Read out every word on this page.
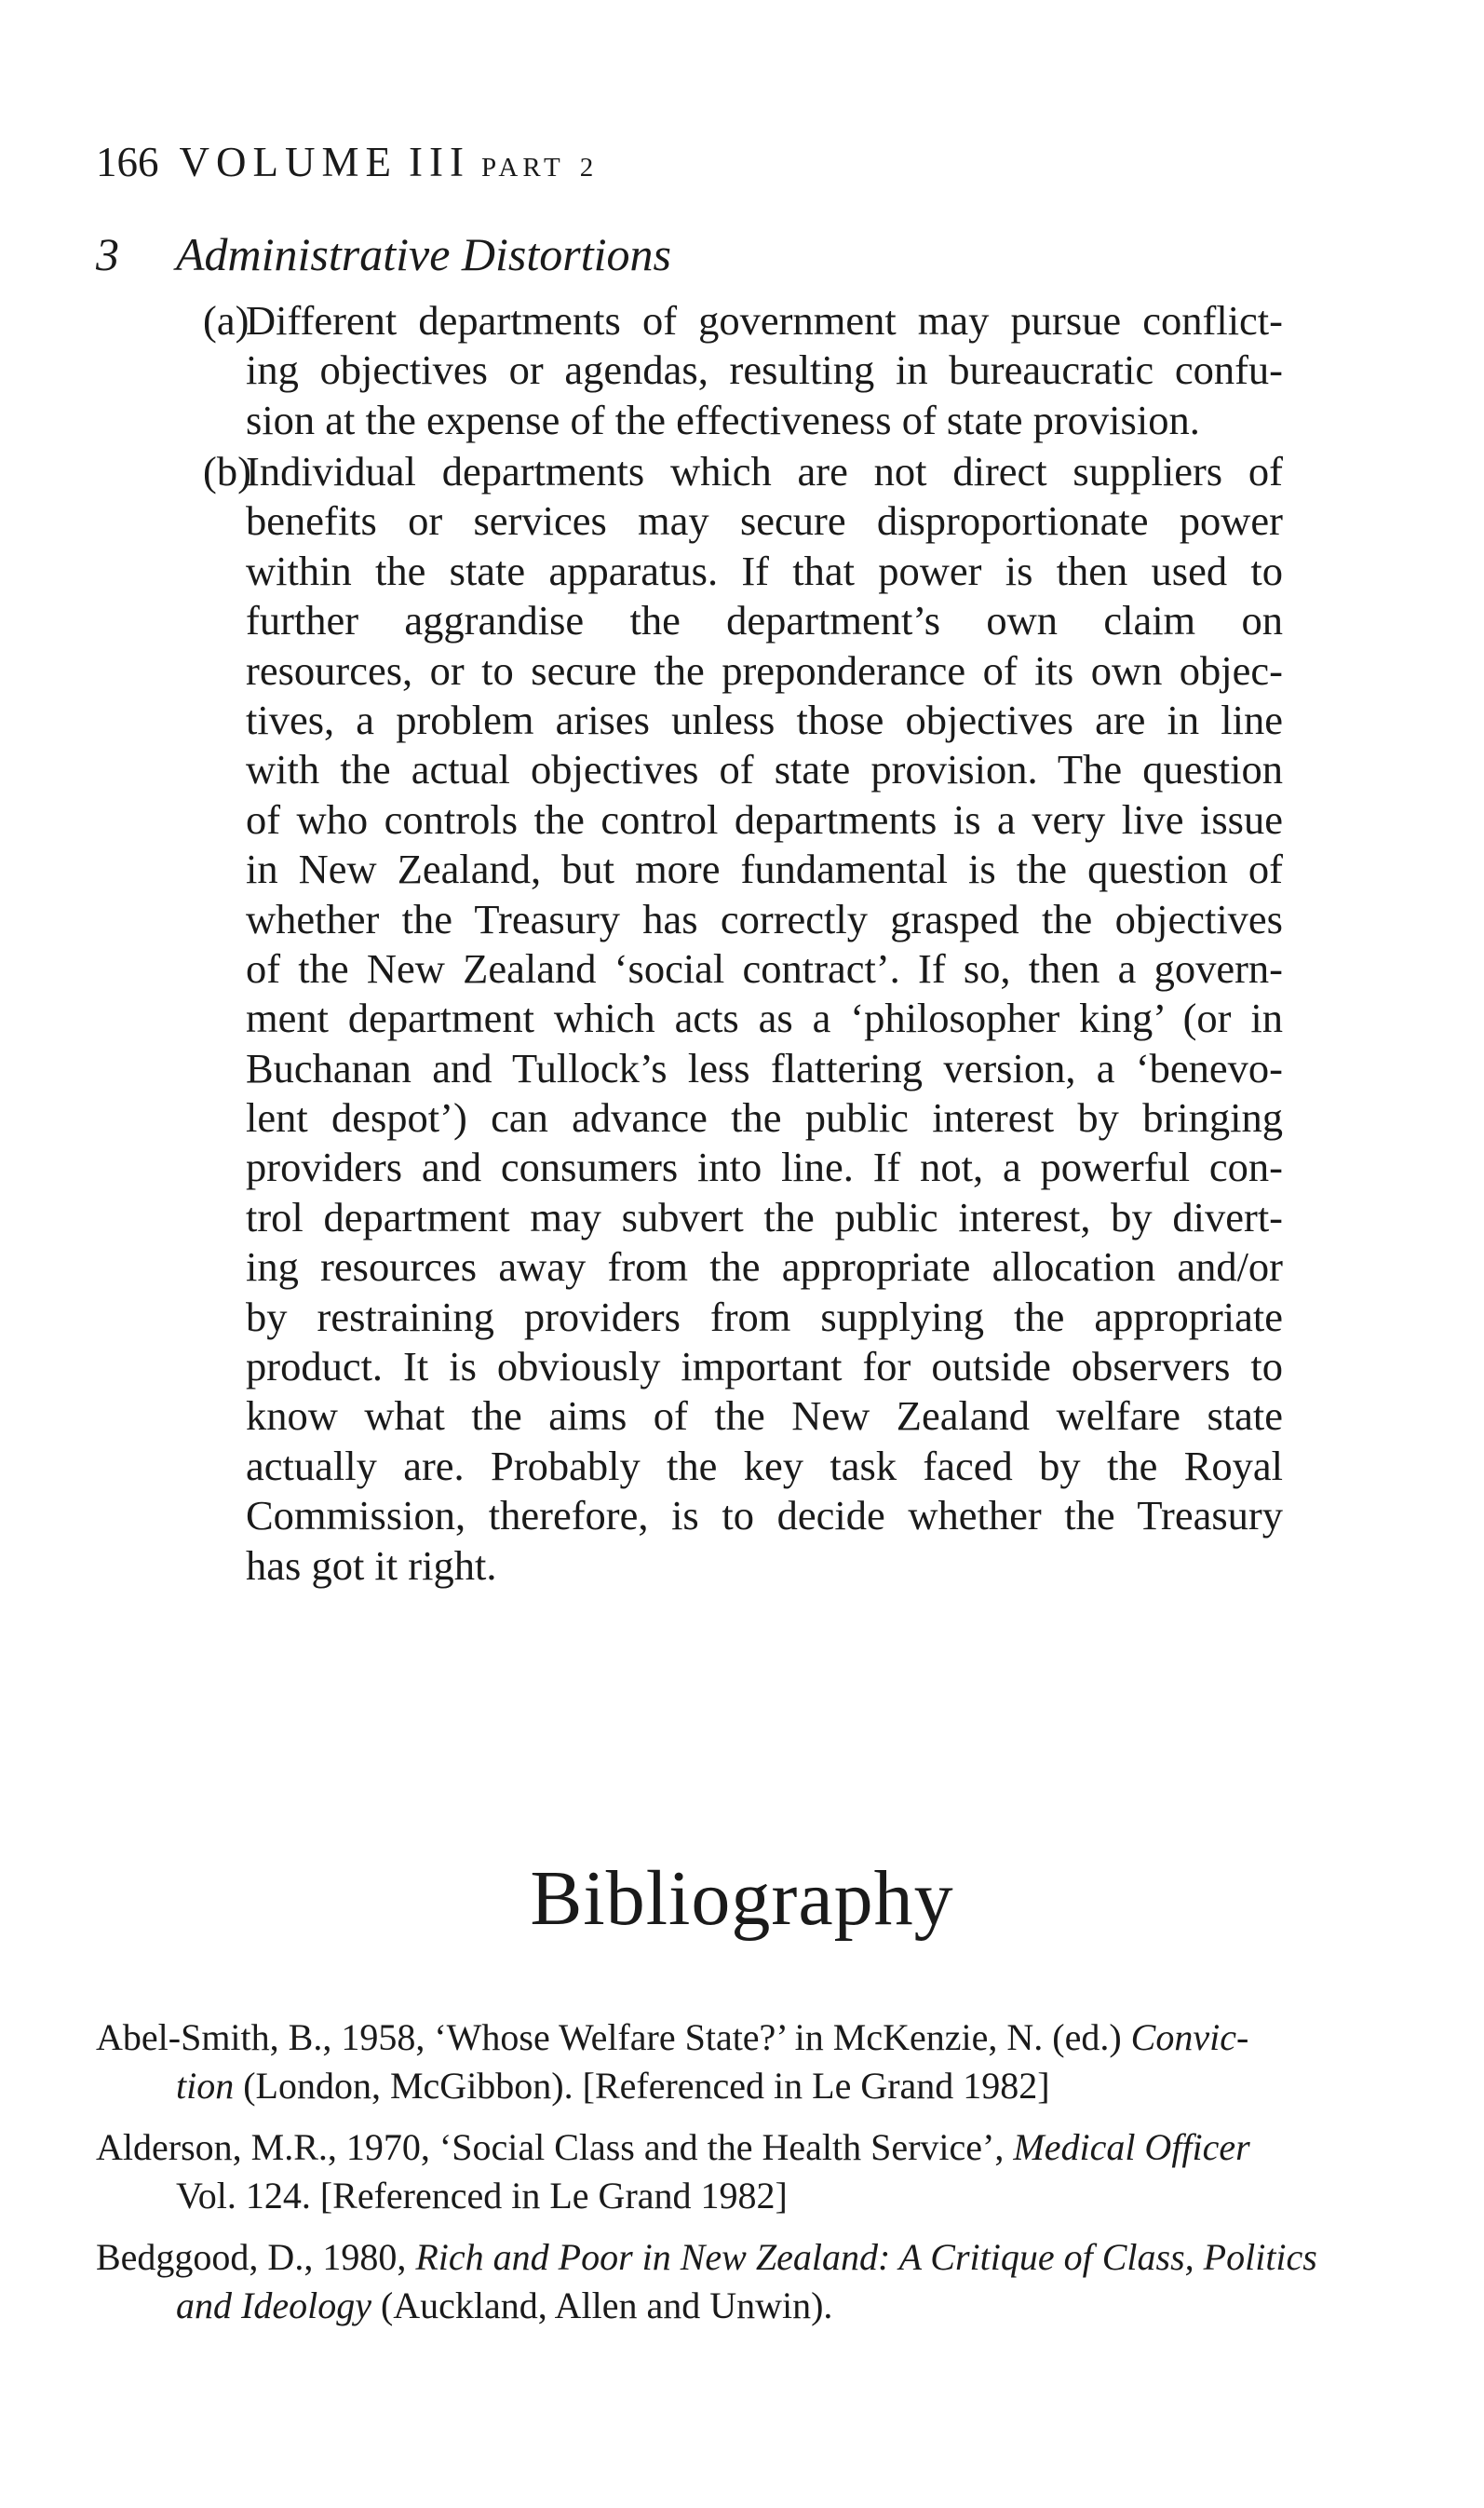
166 VOLUME III PART 2
3 Administrative Distortions
(a)
Different departments of government may pursue conflict-
ing objectives or agendas, resulting in bureaucratic confu-
sion at the expense of the effectiveness of state provision.
(b)
Individual departments which are not direct suppliers of
benefits or services may secure disproportionate power
within the state apparatus. If that power is then used to
further aggrandise the department’s own claim on
resources, or to secure the preponderance of its own objec-
tives, a problem arises unless those objectives are in line
with the actual objectives of state provision. The question
of who controls the control departments is a very live issue
in New Zealand, but more fundamental is the question of
whether the Treasury has correctly grasped the objectives
of the New Zealand ‘social contract’. If so, then a govern-
ment department which acts as a ‘philosopher king’ (or in
Buchanan and Tullock’s less flattering version, a ‘benevo-
lent despot’) can advance the public interest by bringing
providers and consumers into line. If not, a powerful con-
trol department may subvert the public interest, by divert-
ing resources away from the appropriate allocation and/or
by restraining providers from supplying the appropriate
product. It is obviously important for outside observers to
know what the aims of the New Zealand welfare state
actually are. Probably the key task faced by the Royal
Commission, therefore, is to decide whether the Treasury
has got it right.
Bibliography
Abel-Smith, B., 1958, ‘Whose Welfare State?’ in McKenzie, N. (ed.) Convic-
tion (London, McGibbon). [Referenced in Le Grand 1982]
Alderson, M.R., 1970, ‘Social Class and the Health Service’, Medical Officer
Vol. 124. [Referenced in Le Grand 1982]
Bedggood, D., 1980, Rich and Poor in New Zealand: A Critique of Class, Politics
and Ideology (Auckland, Allen and Unwin).
